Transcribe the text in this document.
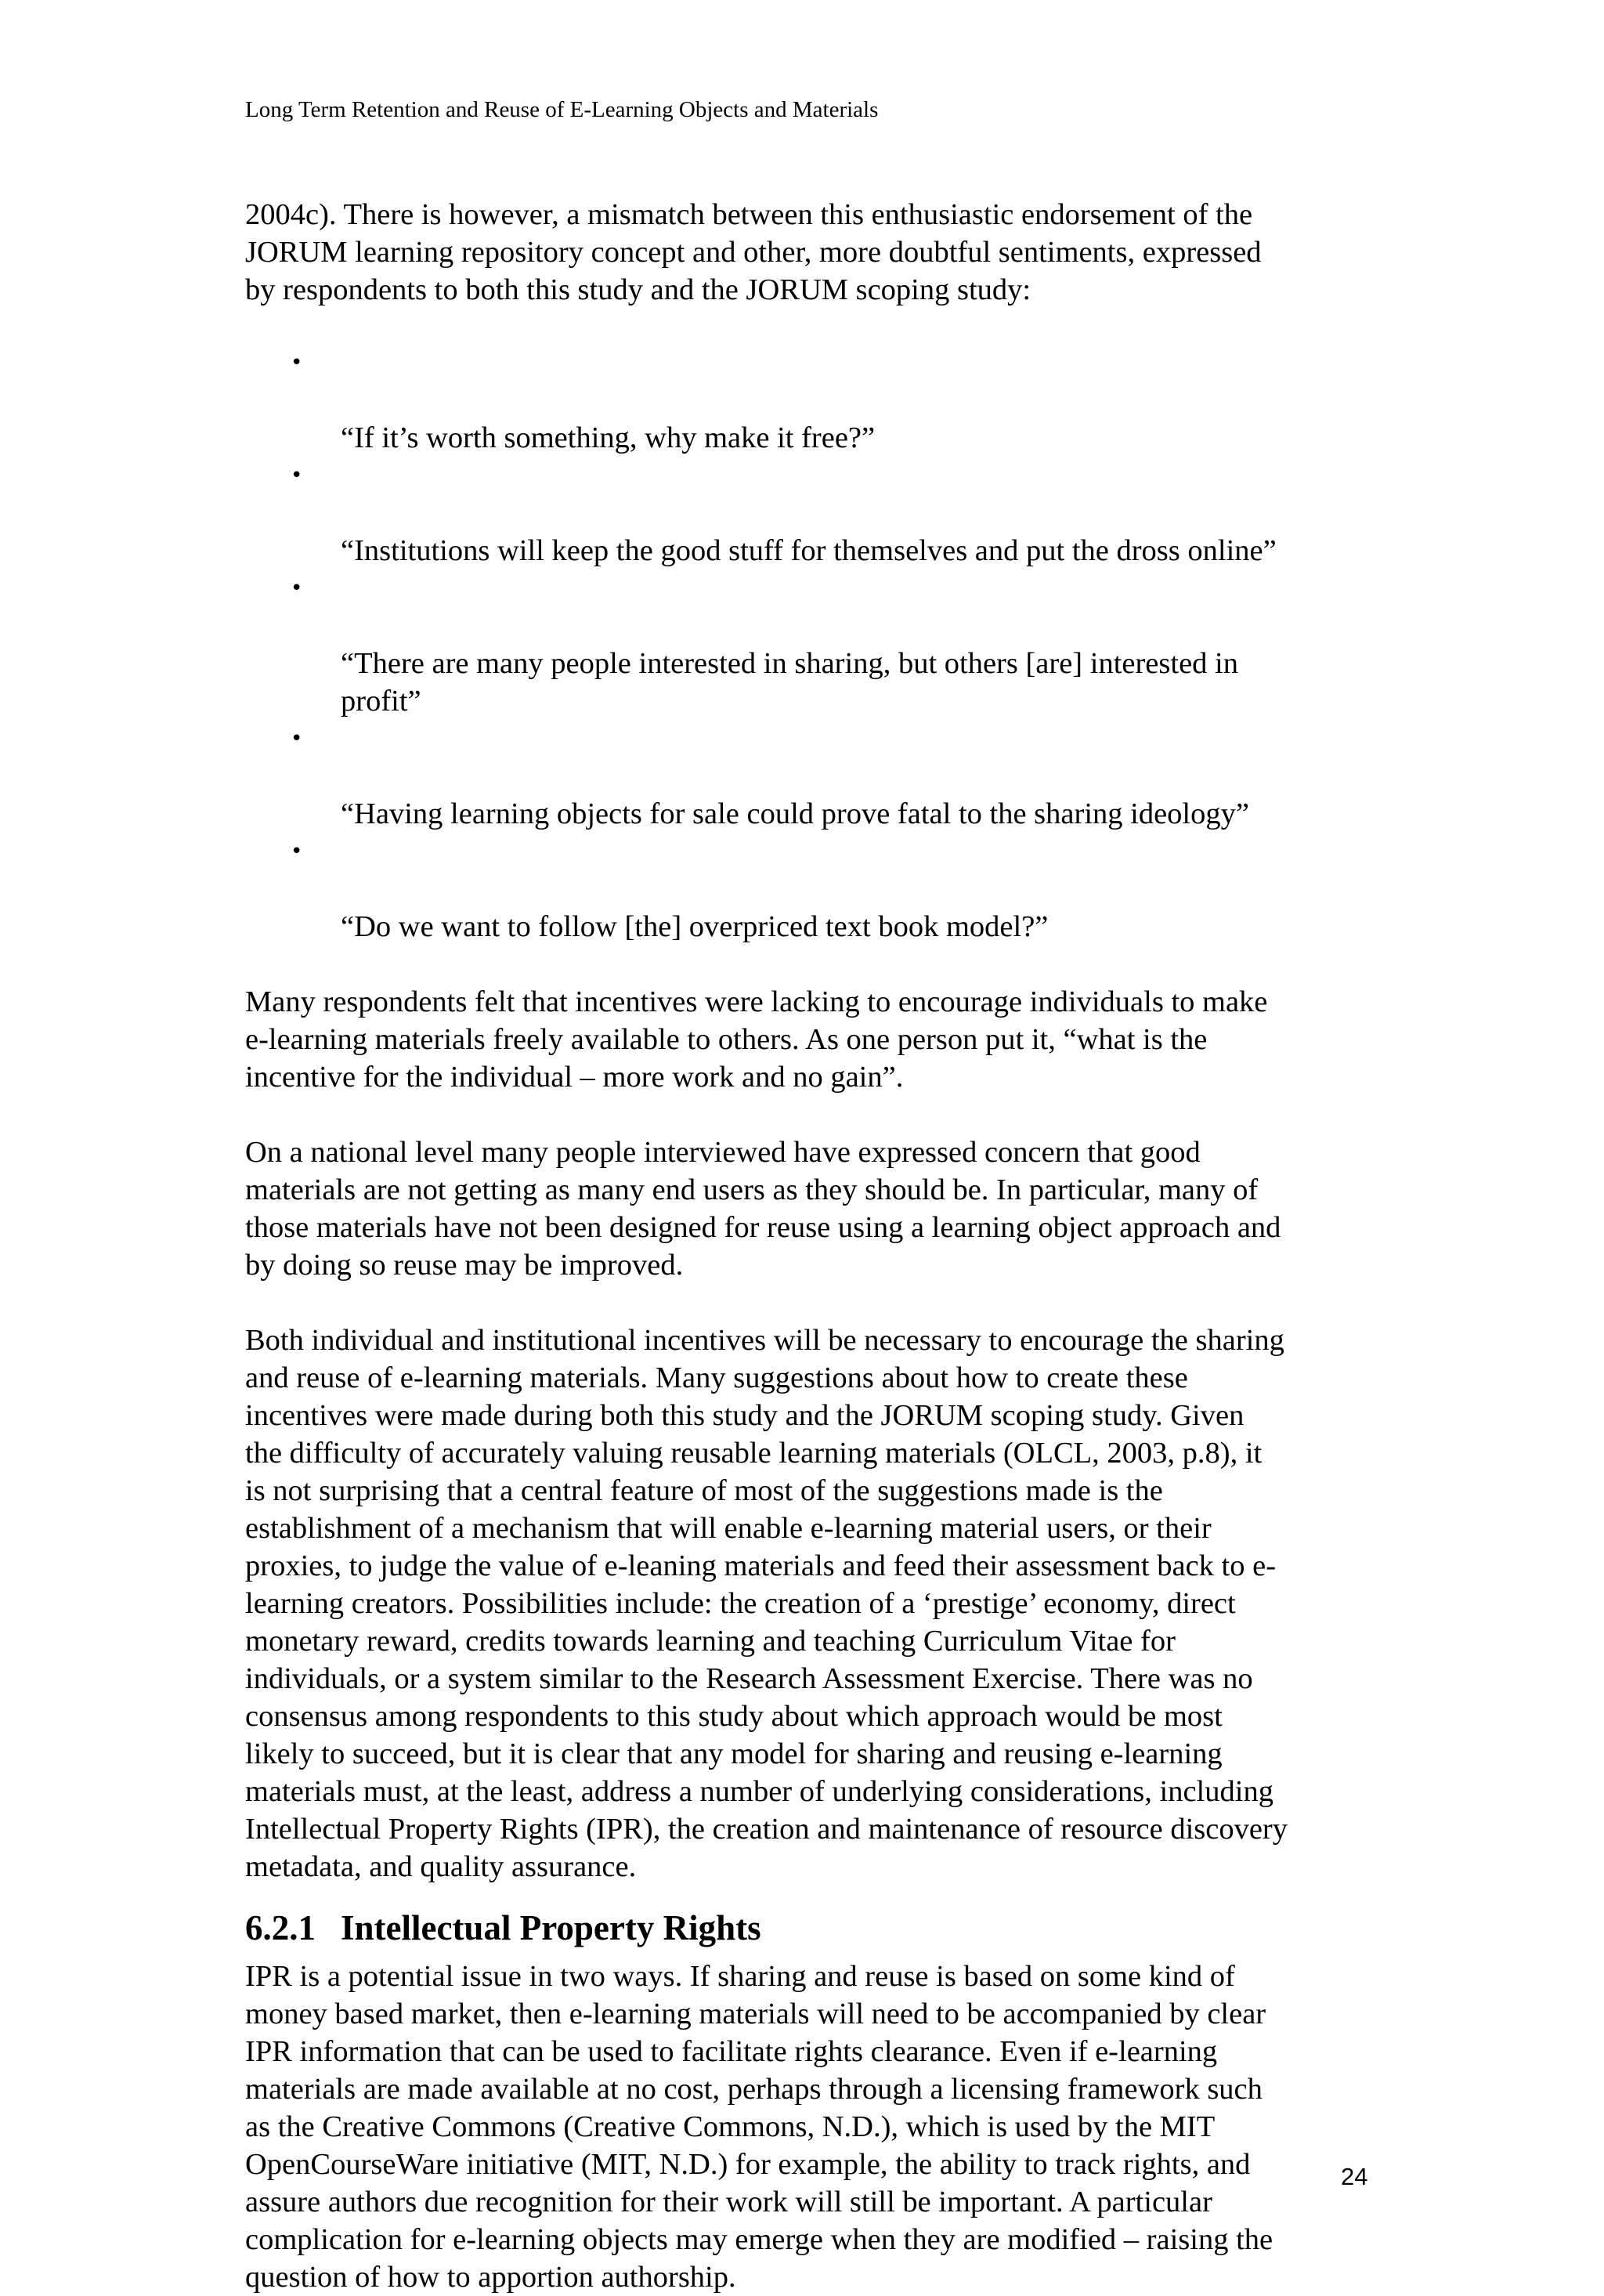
Long Term Retention and Reuse of E-Learning Objects and Materials

2004c). There is however, a mismatch between this enthusiastic endorsement of the
JORUM learning repository concept and other, more doubtful sentiments, expressed
by respondents to both this study and the JORUM scoping study:

•

“If it’s worth something, why make it free?”

•

“Institutions will keep the good stuff for themselves and put the dross online”

•

“There are many people interested in sharing, but others [are] interested in
profit”

•

“Having learning objects for sale could prove fatal to the sharing ideology”

•

“Do we want to follow [the] overpriced text book model?”

Many respondents felt that incentives were lacking to encourage individuals to make
e-learning materials freely available to others. As one person put it, “what is the
incentive for the individual – more work and no gain”.

On a national level many people interviewed have expressed concern that good
materials are not getting as many end users as they should be. In particular, many of
those materials have not been designed for reuse using a learning object approach and
by doing so reuse may be improved.

Both individual and institutional incentives will be necessary to encourage the sharing
and reuse of e-learning materials. Many suggestions about how to create these
incentives were made during both this study and the JORUM scoping study. Given
the difficulty of accurately valuing reusable learning materials (OLCL, 2003, p.8), it
is not surprising that a central feature of most of the suggestions made is the
establishment of a mechanism that will enable e-learning material users, or their
proxies, to judge the value of e-leaning materials and feed their assessment back to e-
learning creators. Possibilities include: the creation of a ‘prestige’ economy, direct
monetary reward, credits towards learning and teaching Curriculum Vitae for
individuals, or a system similar to the Research Assessment Exercise. There was no
consensus among respondents to this study about which approach would be most
likely to succeed, but it is clear that any model for sharing and reusing e-learning
materials must, at the least, address a number of underlying considerations, including
Intellectual Property Rights (IPR), the creation and maintenance of resource discovery
metadata, and quality assurance.

6.2.1 Intellectual Property Rights

IPR is a potential issue in two ways. If sharing and reuse is based on some kind of
money based market, then e-learning materials will need to be accompanied by clear
IPR information that can be used to facilitate rights clearance. Even if e-learning
materials are made available at no cost, perhaps through a licensing framework such
as the Creative Commons (Creative Commons, N.D.), which is used by the MIT
OpenCourseWare initiative (MIT, N.D.) for example, the ability to track rights, and
assure authors due recognition for their work will still be important. A particular
complication for e-learning objects may emerge when they are modified – raising the
question of how to apportion authorship.

24
